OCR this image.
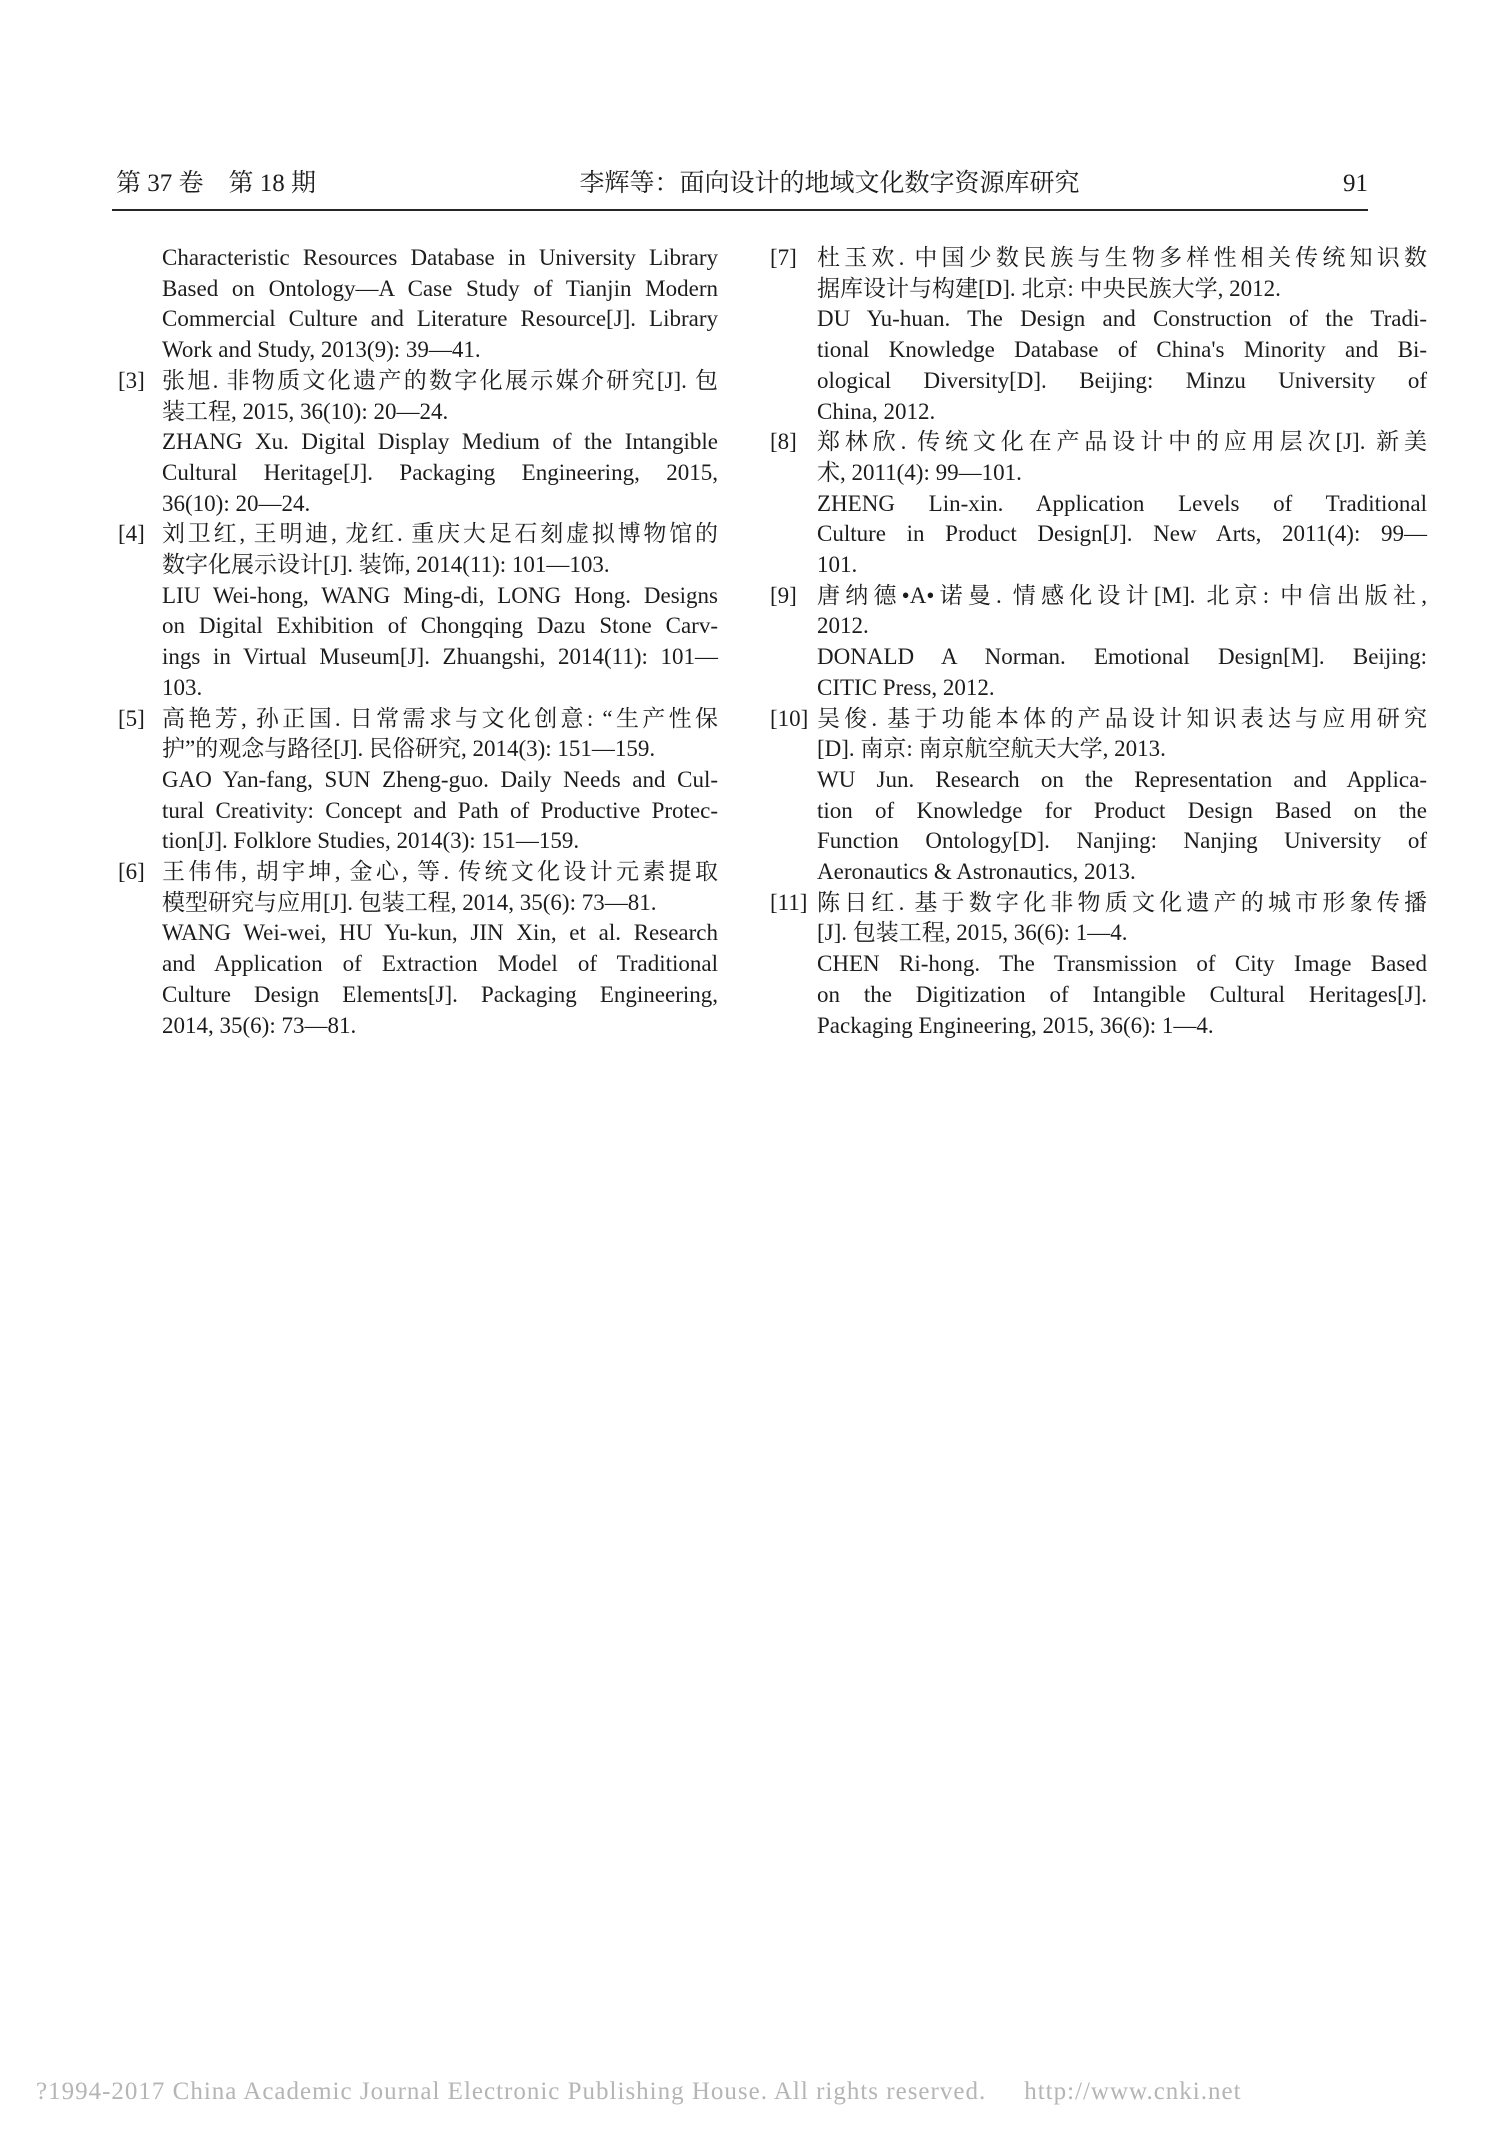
第 37 卷　第 18 期	李辉等：面向设计的地域文化数字资源库研究	91
Characteristic Resources Database in University Library
Based on Ontology—A Case Study of Tianjin Modern
Commercial Culture and Literature Resource[J]. Library
Work and Study, 2013(9): 39—41.
[3] 张旭. 非物质文化遗产的数字化展示媒介研究[J]. 包
装工程, 2015, 36(10): 20—24.
ZHANG Xu. Digital Display Medium of the Intangible
Cultural Heritage[J]. Packaging Engineering, 2015,
36(10): 20—24.
[4] 刘卫红, 王明迪, 龙红. 重庆大足石刻虚拟博物馆的
数字化展示设计[J]. 装饰, 2014(11): 101—103.
LIU Wei-hong, WANG Ming-di, LONG Hong. Designs
on Digital Exhibition of Chongqing Dazu Stone Carv-
ings in Virtual Museum[J]. Zhuangshi, 2014(11): 101—
103.
[5] 高艳芳, 孙正国. 日常需求与文化创意: “生产性保
护”的观念与路径[J]. 民俗研究, 2014(3): 151—159.
GAO Yan-fang, SUN Zheng-guo. Daily Needs and Cul-
tural Creativity: Concept and Path of Productive Protec-
tion[J]. Folklore Studies, 2014(3): 151—159.
[6] 王伟伟, 胡宇坤, 金心, 等. 传统文化设计元素提取
模型研究与应用[J]. 包装工程, 2014, 35(6): 73—81.
WANG Wei-wei, HU Yu-kun, JIN Xin, et al. Research
and Application of Extraction Model of Traditional
Culture Design Elements[J]. Packaging Engineering,
2014, 35(6): 73—81.
[7] 杜玉欢. 中国少数民族与生物多样性相关传统知识数
据库设计与构建[D]. 北京: 中央民族大学, 2012.
DU Yu-huan. The Design and Construction of the Tradi-
tional Knowledge Database of China's Minority and Bi-
ological Diversity[D]. Beijing: Minzu University of
China, 2012.
[8] 郑林欣. 传统文化在产品设计中的应用层次[J]. 新美
术, 2011(4): 99—101.
ZHENG Lin-xin. Application Levels of Traditional
Culture in Product Design[J]. New Arts, 2011(4): 99—
101.
[9] 唐纳德•A•诺曼. 情感化设计[M]. 北京: 中信出版社,
2012.
DONALD A Norman. Emotional Design[M]. Beijing:
CITIC Press, 2012.
[10] 吴俊. 基于功能本体的产品设计知识表达与应用研究
[D]. 南京: 南京航空航天大学, 2013.
WU Jun. Research on the Representation and Applica-
tion of Knowledge for Product Design Based on the
Function Ontology[D]. Nanjing: Nanjing University of
Aeronautics & Astronautics, 2013.
[11] 陈日红. 基于数字化非物质文化遗产的城市形象传播
[J]. 包装工程, 2015, 36(6): 1—4.
CHEN Ri-hong. The Transmission of City Image Based
on the Digitization of Intangible Cultural Heritages[J].
Packaging Engineering, 2015, 36(6): 1—4.
?1994-2017 China Academic Journal Electronic Publishing House. All rights reserved. http://www.cnki.net
